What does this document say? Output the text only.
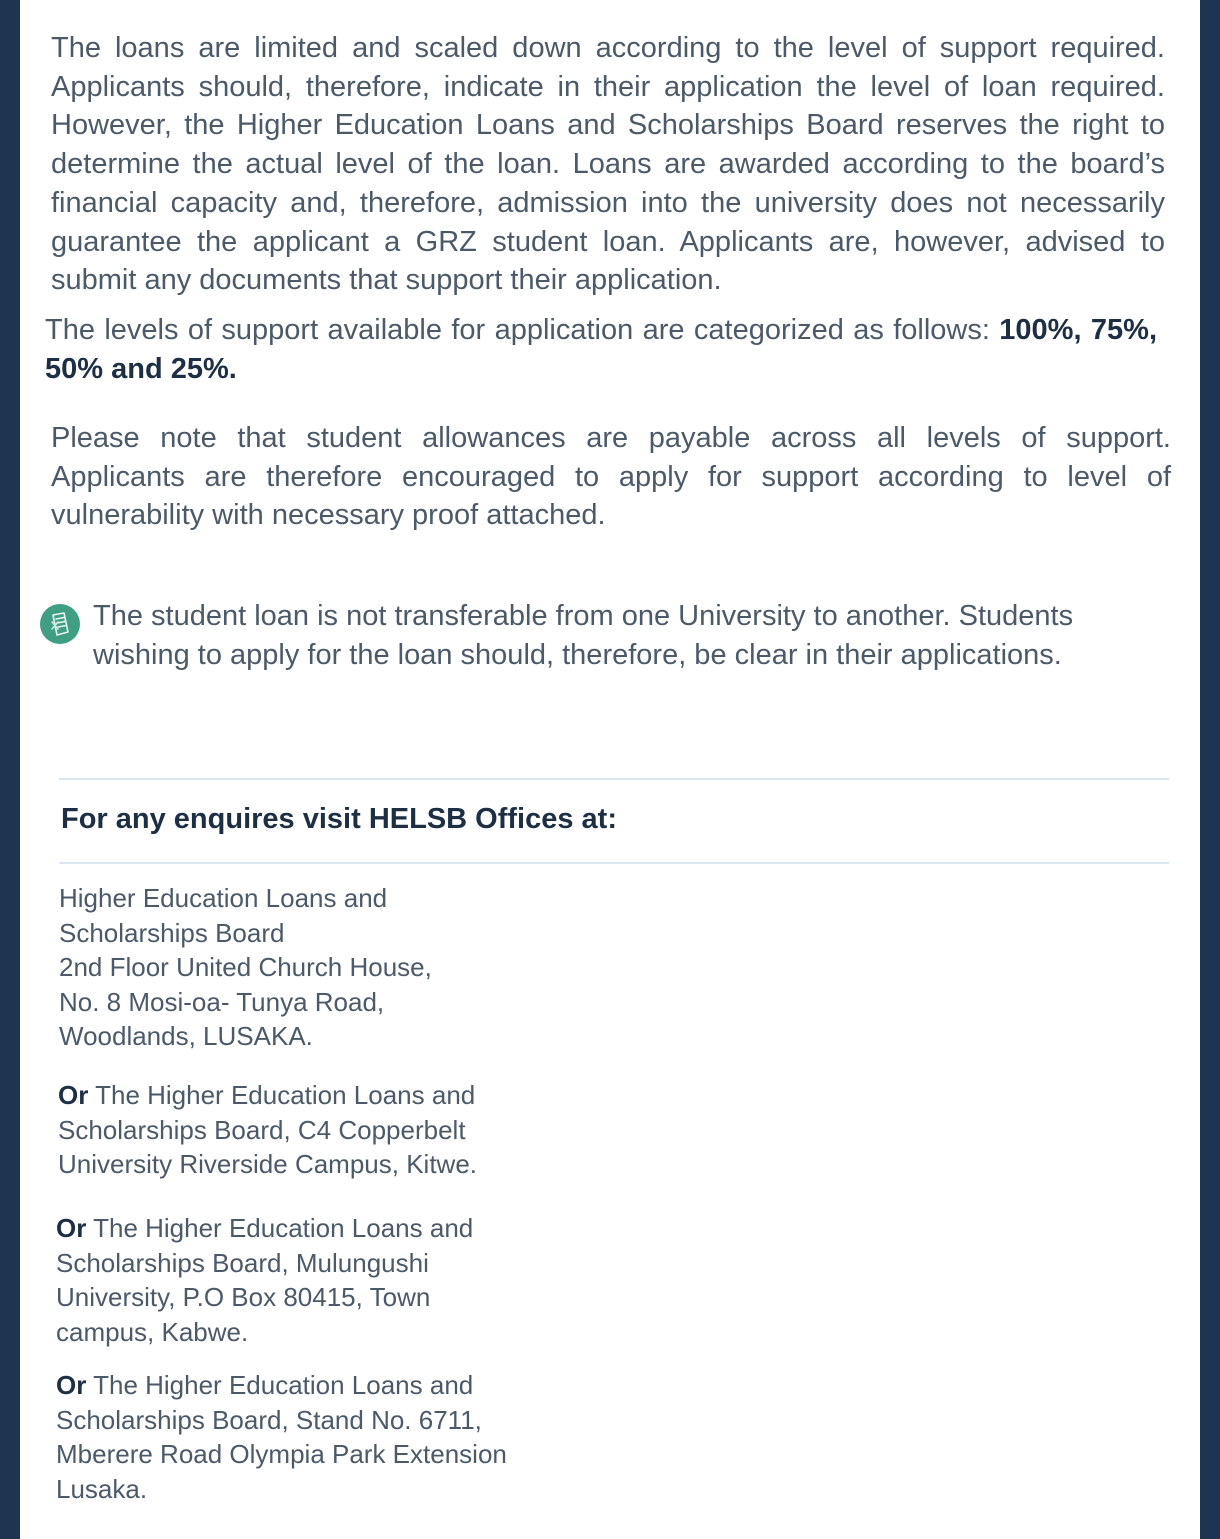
The loans are limited and scaled down according to the level of support required. Applicants should, therefore, indicate in their application the level of loan required. However, the Higher Education Loans and Scholarships Board reserves the right to determine the actual level of the loan. Loans are awarded according to the board’s financial capacity and, therefore, admission into the university does not necessarily guarantee the applicant a GRZ student loan. Applicants are, however, advised to submit any documents that support their application.

The levels of support available for application are categorized as follows: 100%, 75%, 50% and 25%.

Please note that student allowances are payable across all levels of support. Applicants are therefore encouraged to apply for support according to level of vulnerability with necessary proof attached.

The student loan is not transferable from one University to another. Students
wishing to apply for the loan should, therefore, be clear in their applications.
For any enquires visit HELSB Offices at:
Higher Education Loans and
Scholarships Board
2nd Floor United Church House,
No. 8 Mosi-oa- Tunya Road,
Woodlands, LUSAKA.
Or The Higher Education Loans and
Scholarships Board, C4 Copperbelt
University Riverside Campus, Kitwe.
Or The Higher Education Loans and
Scholarships Board, Mulungushi
University, P.O Box 80415, Town
campus, Kabwe.
Or The Higher Education Loans and
Scholarships Board, Stand No. 6711,
Mberere Road Olympia Park Extension
Lusaka.
